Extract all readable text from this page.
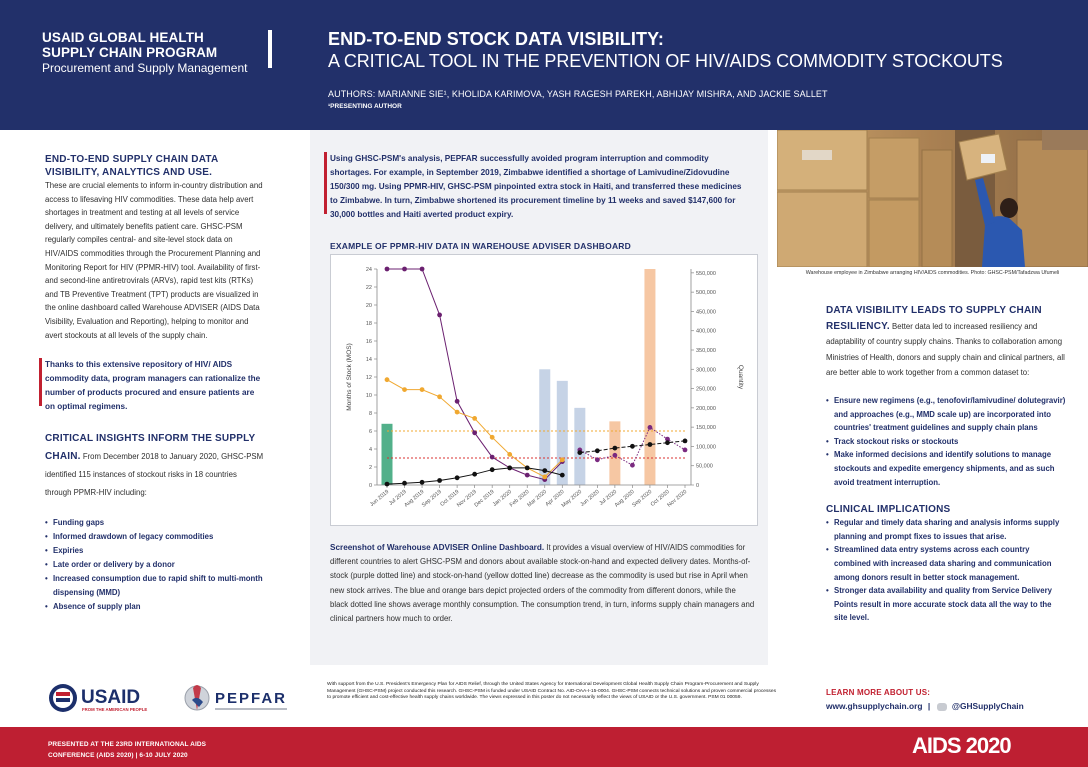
USAID GLOBAL HEALTH
SUPPLY CHAIN PROGRAM
Procurement and Supply Management
END-TO-END STOCK DATA VISIBILITY:
A CRITICAL TOOL IN THE PREVENTION OF HIV/AIDS COMMODITY STOCKOUTS
AUTHORS: MARIANNE SIE¹, KHOLIDA KARIMOVA, YASH RAGESH PAREKH, ABHIJAY MISHRA, AND JACKIE SALLET
¹PRESENTING AUTHOR
END-TO-END SUPPLY CHAIN DATA VISIBILITY, ANALYTICS AND USE.
These are crucial elements to inform in-country distribution and access to lifesaving HIV commodities. These data help avert shortages in treatment and testing at all levels of service delivery, and ultimately benefits patient care. GHSC-PSM regularly compiles central- and site-level stock data on HIV/AIDS commodities through the Procurement Planning and Monitoring Report for HIV (PPMR-HIV) tool. Availability of first- and second-line antiretrovirals (ARVs), rapid test kits (RTKs) and TB Preventive Treatment (TPT) products are visualized in the online dashboard called Warehouse ADVISER (AIDS Data Visibility, Evaluation and Reporting), helping to monitor and avert stockouts at all levels of the supply chain.
Thanks to this extensive repository of HIV/ AIDS commodity data, program managers can rationalize the number of products procured and ensure patients are on optimal regimens.
CRITICAL INSIGHTS INFORM THE SUPPLY CHAIN. From December 2018 to January 2020, GHSC-PSM identified 115 instances of stockout risks in 18 countries through PPMR-HIV including:
• Funding gaps
• Informed drawdown of legacy commodities
• Expiries
• Late order or delivery by a donor
• Increased consumption due to rapid shift to multi-month dispensing (MMD)
• Absence of supply plan
Using GHSC-PSM's analysis, PEPFAR successfully avoided program interruption and commodity shortages. For example, in September 2019, Zimbabwe identified a shortage of Lamivudine/Zidovudine 150/300 mg. Using PPMR-HIV, GHSC-PSM pinpointed extra stock in Haiti, and transferred these medicines to Zimbabwe. In turn, Zimbabwe shortened its procurement timeline by 11 weeks and saved $147,600 for 30,000 bottles and Haiti averted product expiry.
EXAMPLE OF PPMR-HIV DATA IN WAREHOUSE ADVISER DASHBOARD
0
2
4
6
8
10
12
14
16
18
20
22
24
0
50,000
100,000
150,000
200,000
250,000
300,000
350,000
400,000
450,000
500,000
550,000
Jun 2019
Jul 2019
Aug 2019
Sep 2019
Oct 2019
Nov 2019
Dec 2019
Jan 2020
Feb 2020
Mar 2020
Apr 2020
May 2020
Jun 2020
Jul 2020
Aug 2020
Sep 2020
Oct 2020
Nov 2020
Months of Stock (MOS)	Quantity
Screenshot of Warehouse ADVISER Online Dashboard. It provides a visual overview of HIV/AIDS commodities for different countries to alert GHSC-PSM and donors about available stock-on-hand and expected delivery dates. Months-of-stock (purple dotted line) and stock-on-hand (yellow dotted line) decrease as the commodity is used but rise in April when new stock arrives. The blue and orange bars depict projected orders of the commodity from different donors, while the black dotted line shows average monthly consumption. The consumption trend, in turn, informs supply chain managers and clinical partners how much to order.
Warehouse employee in Zimbabwe arranging HIV/AIDS commodities. Photo: GHSC-PSM/Tafadzwa Ufumeli
DATA VISIBILITY LEADS TO SUPPLY CHAIN RESILIENCY. Better data led to increased resiliency and adaptability of country supply chains. Thanks to collaboration among Ministries of Health, donors and supply chain and clinical partners, all are better able to work together from a common dataset to:
• Ensure new regimens (e.g., tenofovir/lamivudine/ dolutegravir) and approaches (e.g., MMD scale up) are incorporated into countries' treatment guidelines and supply chain plans
• Track stockout risks or stockouts
• Make informed decisions and identify solutions to manage stockouts and expedite emergency shipments, and as such avoid treatment interruption.
CLINICAL IMPLICATIONS
• Regular and timely data sharing and analysis informs supply planning and prompt fixes to issues that arise.
• Streamlined data entry systems across each country combined with increased data sharing and communication among donors result in better stock management.
• Stronger data availability and quality from Service Delivery Points result in more accurate stock data all the way to the site level.
LEARN MORE ABOUT US:
www.ghsupplychain.org |	@GHSupplyChain
USAID
FROM THE AMERICAN PEOPLE
PEPFAR
With support from the U.S. President's Emergency Plan for AIDS Relief, through the United States Agency for International Development Global Health Supply Chain Program-Procurement and Supply Management (GHSC-PSM) project conducted this research. GHSC-PSM is funded under USAID Contract No. AID-OAA-I-15-0004. GHSC-PSM connects technical solutions and proven commercial processes to promote efficient and cost-effective health supply chains worldwide. The views expressed in this poster do not necessarily reflect the views of USAID or the U.S. government. PSM 01 00059.
PRESENTED AT THE 23RD INTERNATIONAL AIDS
CONFERENCE (AIDS 2020) | 6-10 JULY 2020	AIDS 2020
